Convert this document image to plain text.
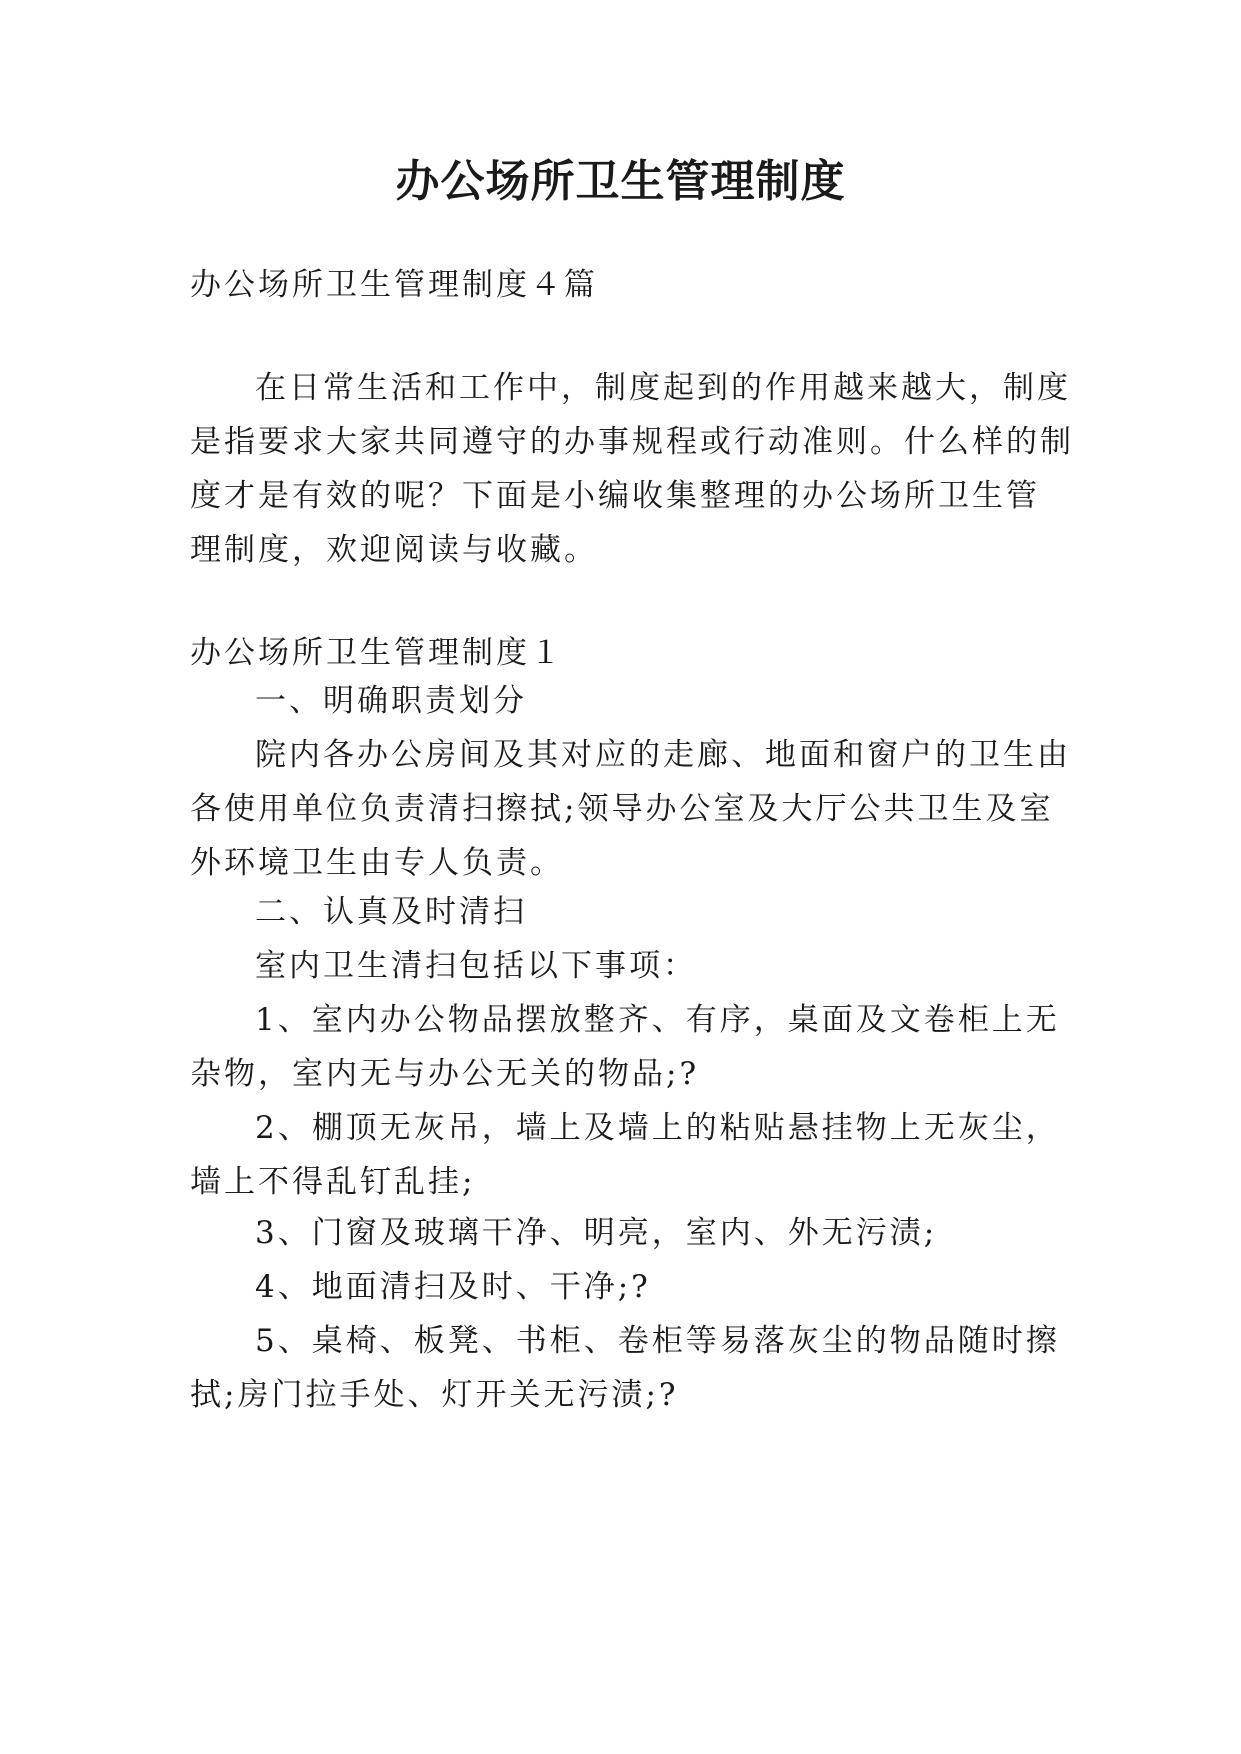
办公场所卫生管理制度

办公场所卫生管理制度４篇

在日常生活和工作中，制度起到的作用越来越大，制度

是指要求大家共同遵守的办事规程或行动准则。什么样的制

度才是有效的呢？下面是小编收集整理的办公场所卫生管

理制度，欢迎阅读与收藏。

办公场所卫生管理制度１

一、明确职责划分

院内各办公房间及其对应的走廊、地面和窗户的卫生由

各使用单位负责清扫擦拭;领导办公室及大厅公共卫生及室

外环境卫生由专人负责。

二、认真及时清扫

室内卫生清扫包括以下事项：

1、室内办公物品摆放整齐、有序，桌面及文卷柜上无

杂物，室内无与办公无关的物品;?

2、棚顶无灰吊，墙上及墙上的粘贴悬挂物上无灰尘，

墙上不得乱钉乱挂;

3、门窗及玻璃干净、明亮，室内、外无污渍;

4、地面清扫及时、干净;?

5、桌椅、板凳、书柜、卷柜等易落灰尘的物品随时擦

拭;房门拉手处、灯开关无污渍;?
